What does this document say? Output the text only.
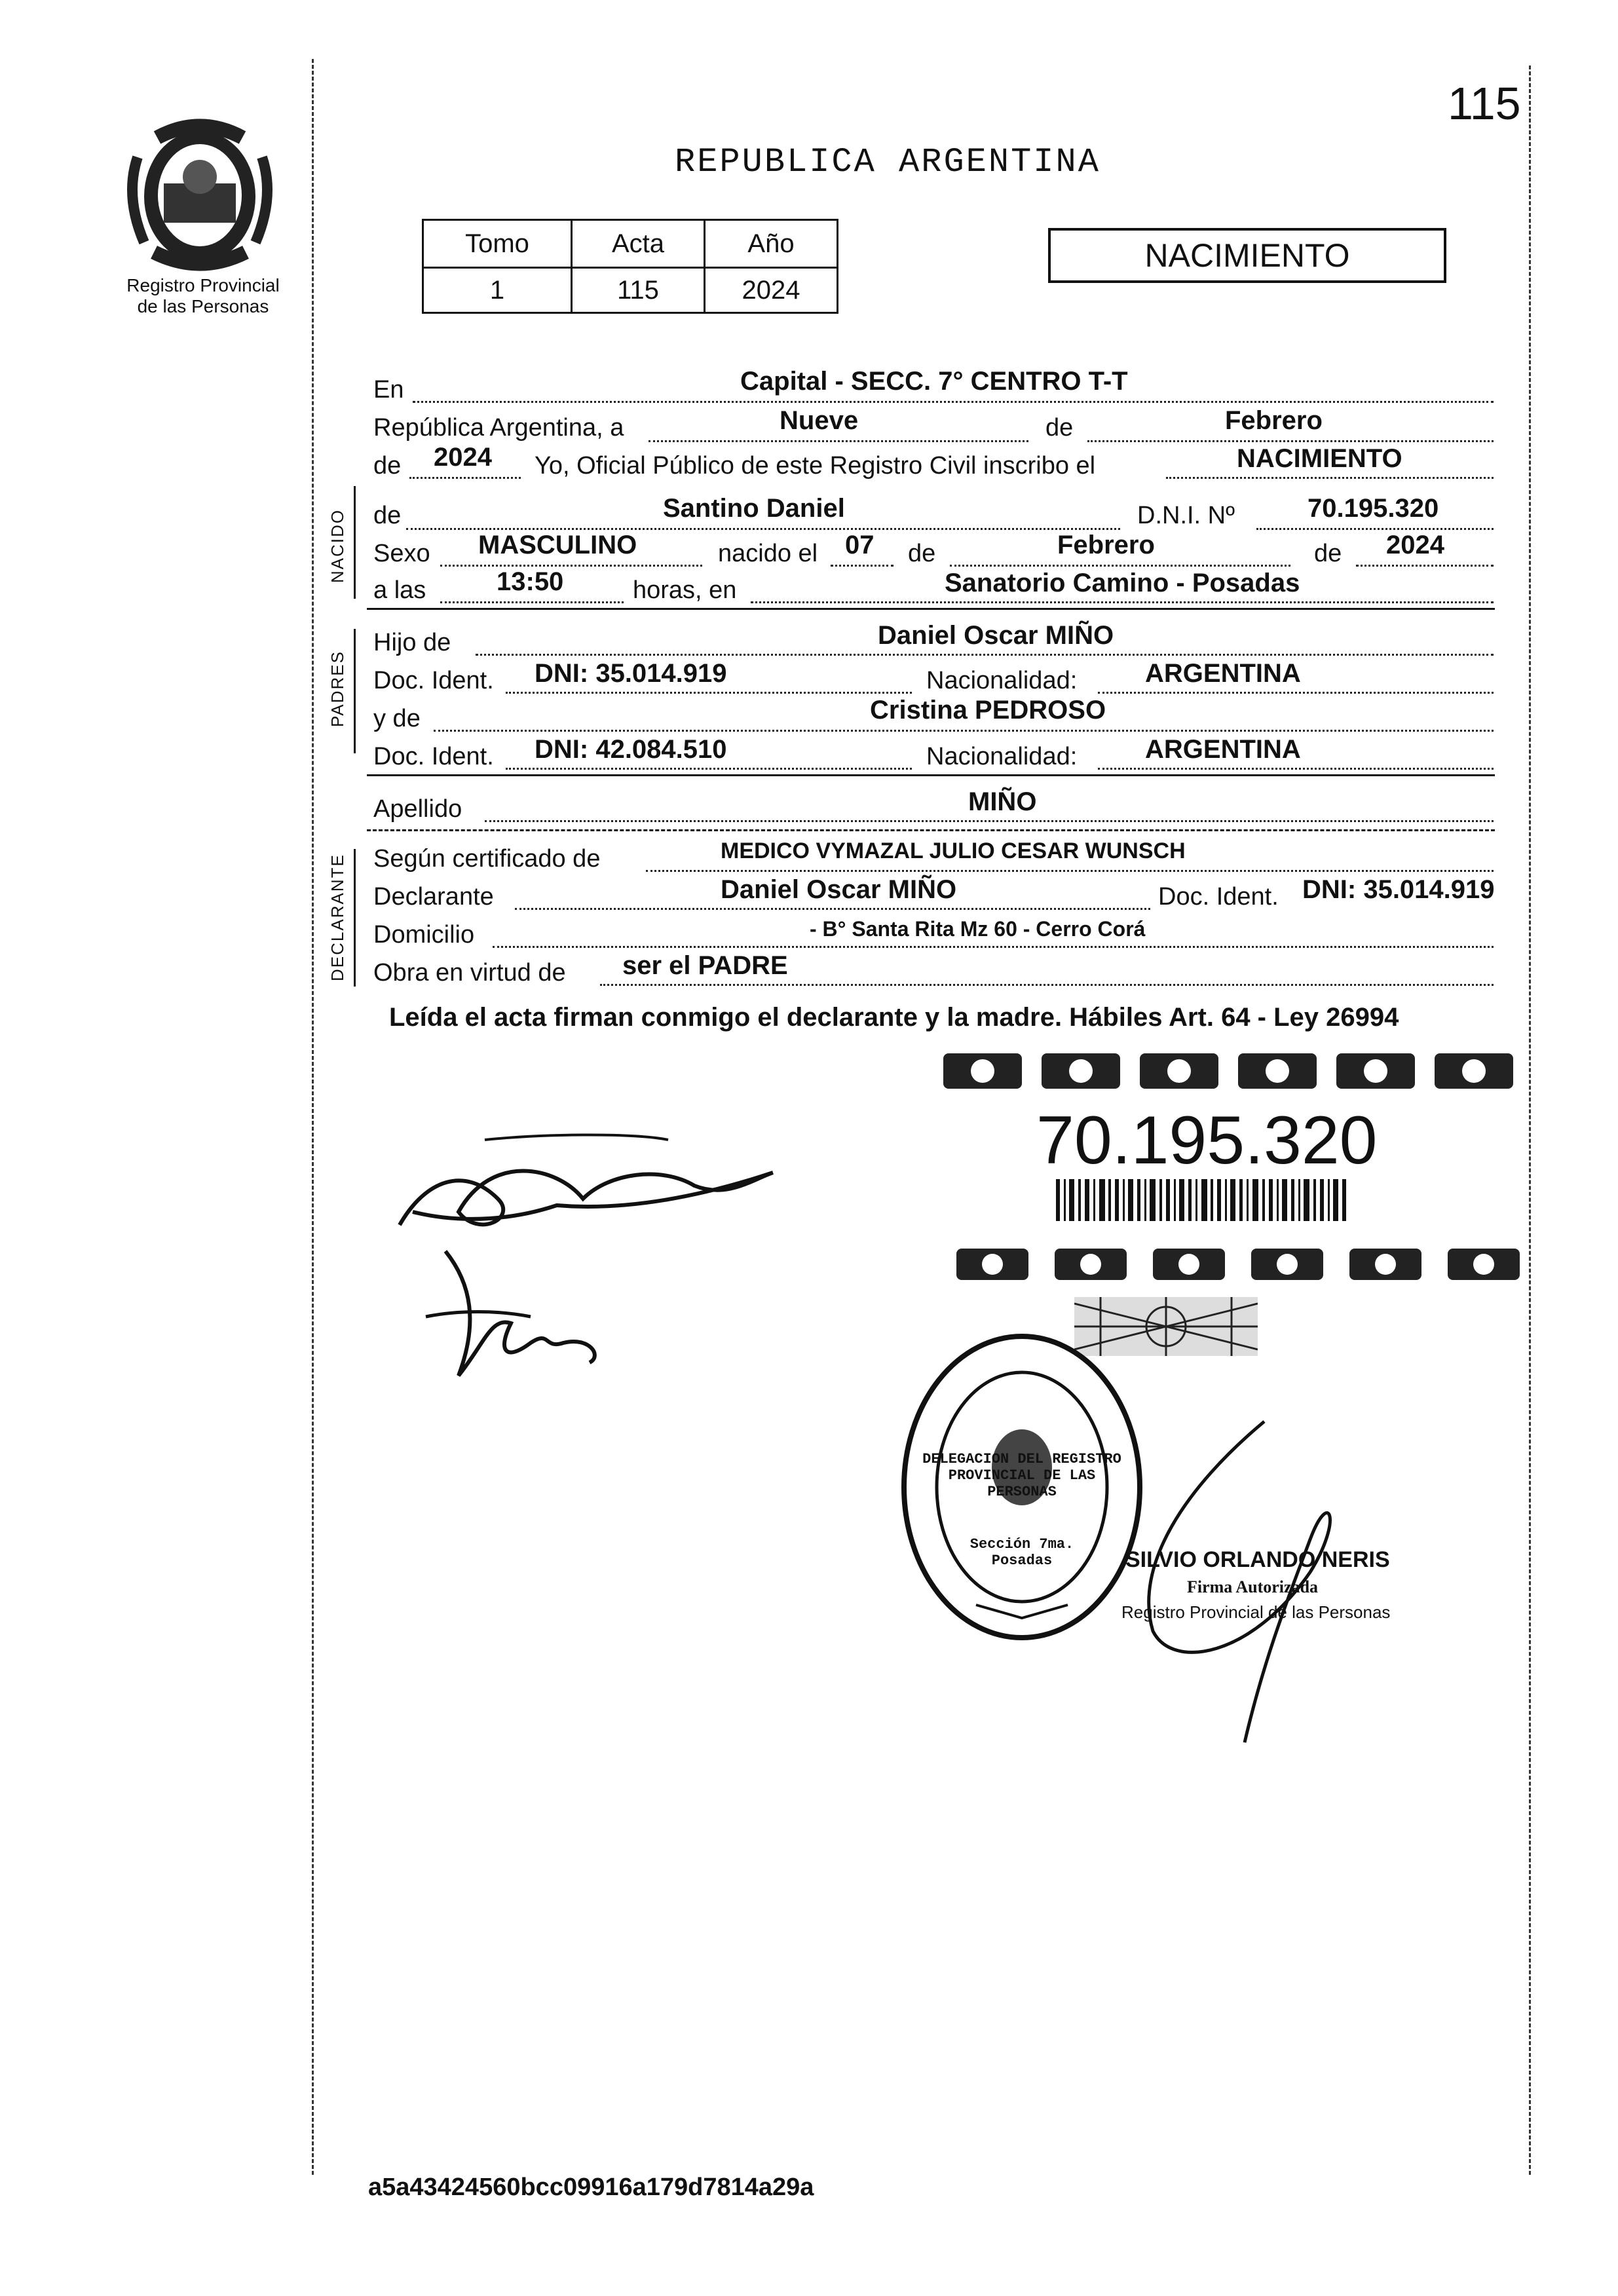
115
Registro Provincial
de las Personas
REPUBLICA ARGENTINA
Tomo	Acta	Año
1	115	2024
NACIMIENTO
En	Capital - SECC. 7° CENTRO T-T
República Argentina, a	Nueve	de	Febrero
de 2024 Yo, Oficial Público de este Registro Civil inscribo el	NACIMIENTO
NACIDO de	Santino Daniel	D.N.I. Nº	70.195.320
Sexo MASCULINO	nacido el 07 de	Febrero	de 2024
a las	13:50	horas, en	Sanatorio Camino - Posadas
PADRES
Hijo de	Daniel Oscar MIÑO
Doc. Ident. DNI: 35.014.919	Nacionalidad:	ARGENTINA
y de	Cristina PEDROSO
Doc. Ident. DNI: 42.084.510	Nacionalidad:	ARGENTINA
Apellido	MIÑO
DECLARANTE Según certificado de	MEDICO VYMAZAL JULIO CESAR WUNSCH
Declarante	Daniel Oscar MIÑO	Doc. Ident. DNI: 35.014.919
Domicilio	- B° Santa Rita Mz 60 - Cerro Corá
Obra en virtud de ser el PADRE
Leída el acta firman conmigo el declarante y la madre. Hábiles Art. 64 - Ley 26994
70.195.320
DELEGACION DEL REGISTRO PROVINCIAL DE LAS PERSONAS
Sección 7ma. Posadas	SILVIO ORLANDO NERIS
Firma Autorizada
Registro Provincial de las Personas
a5a43424560bcc09916a179d7814a29a
